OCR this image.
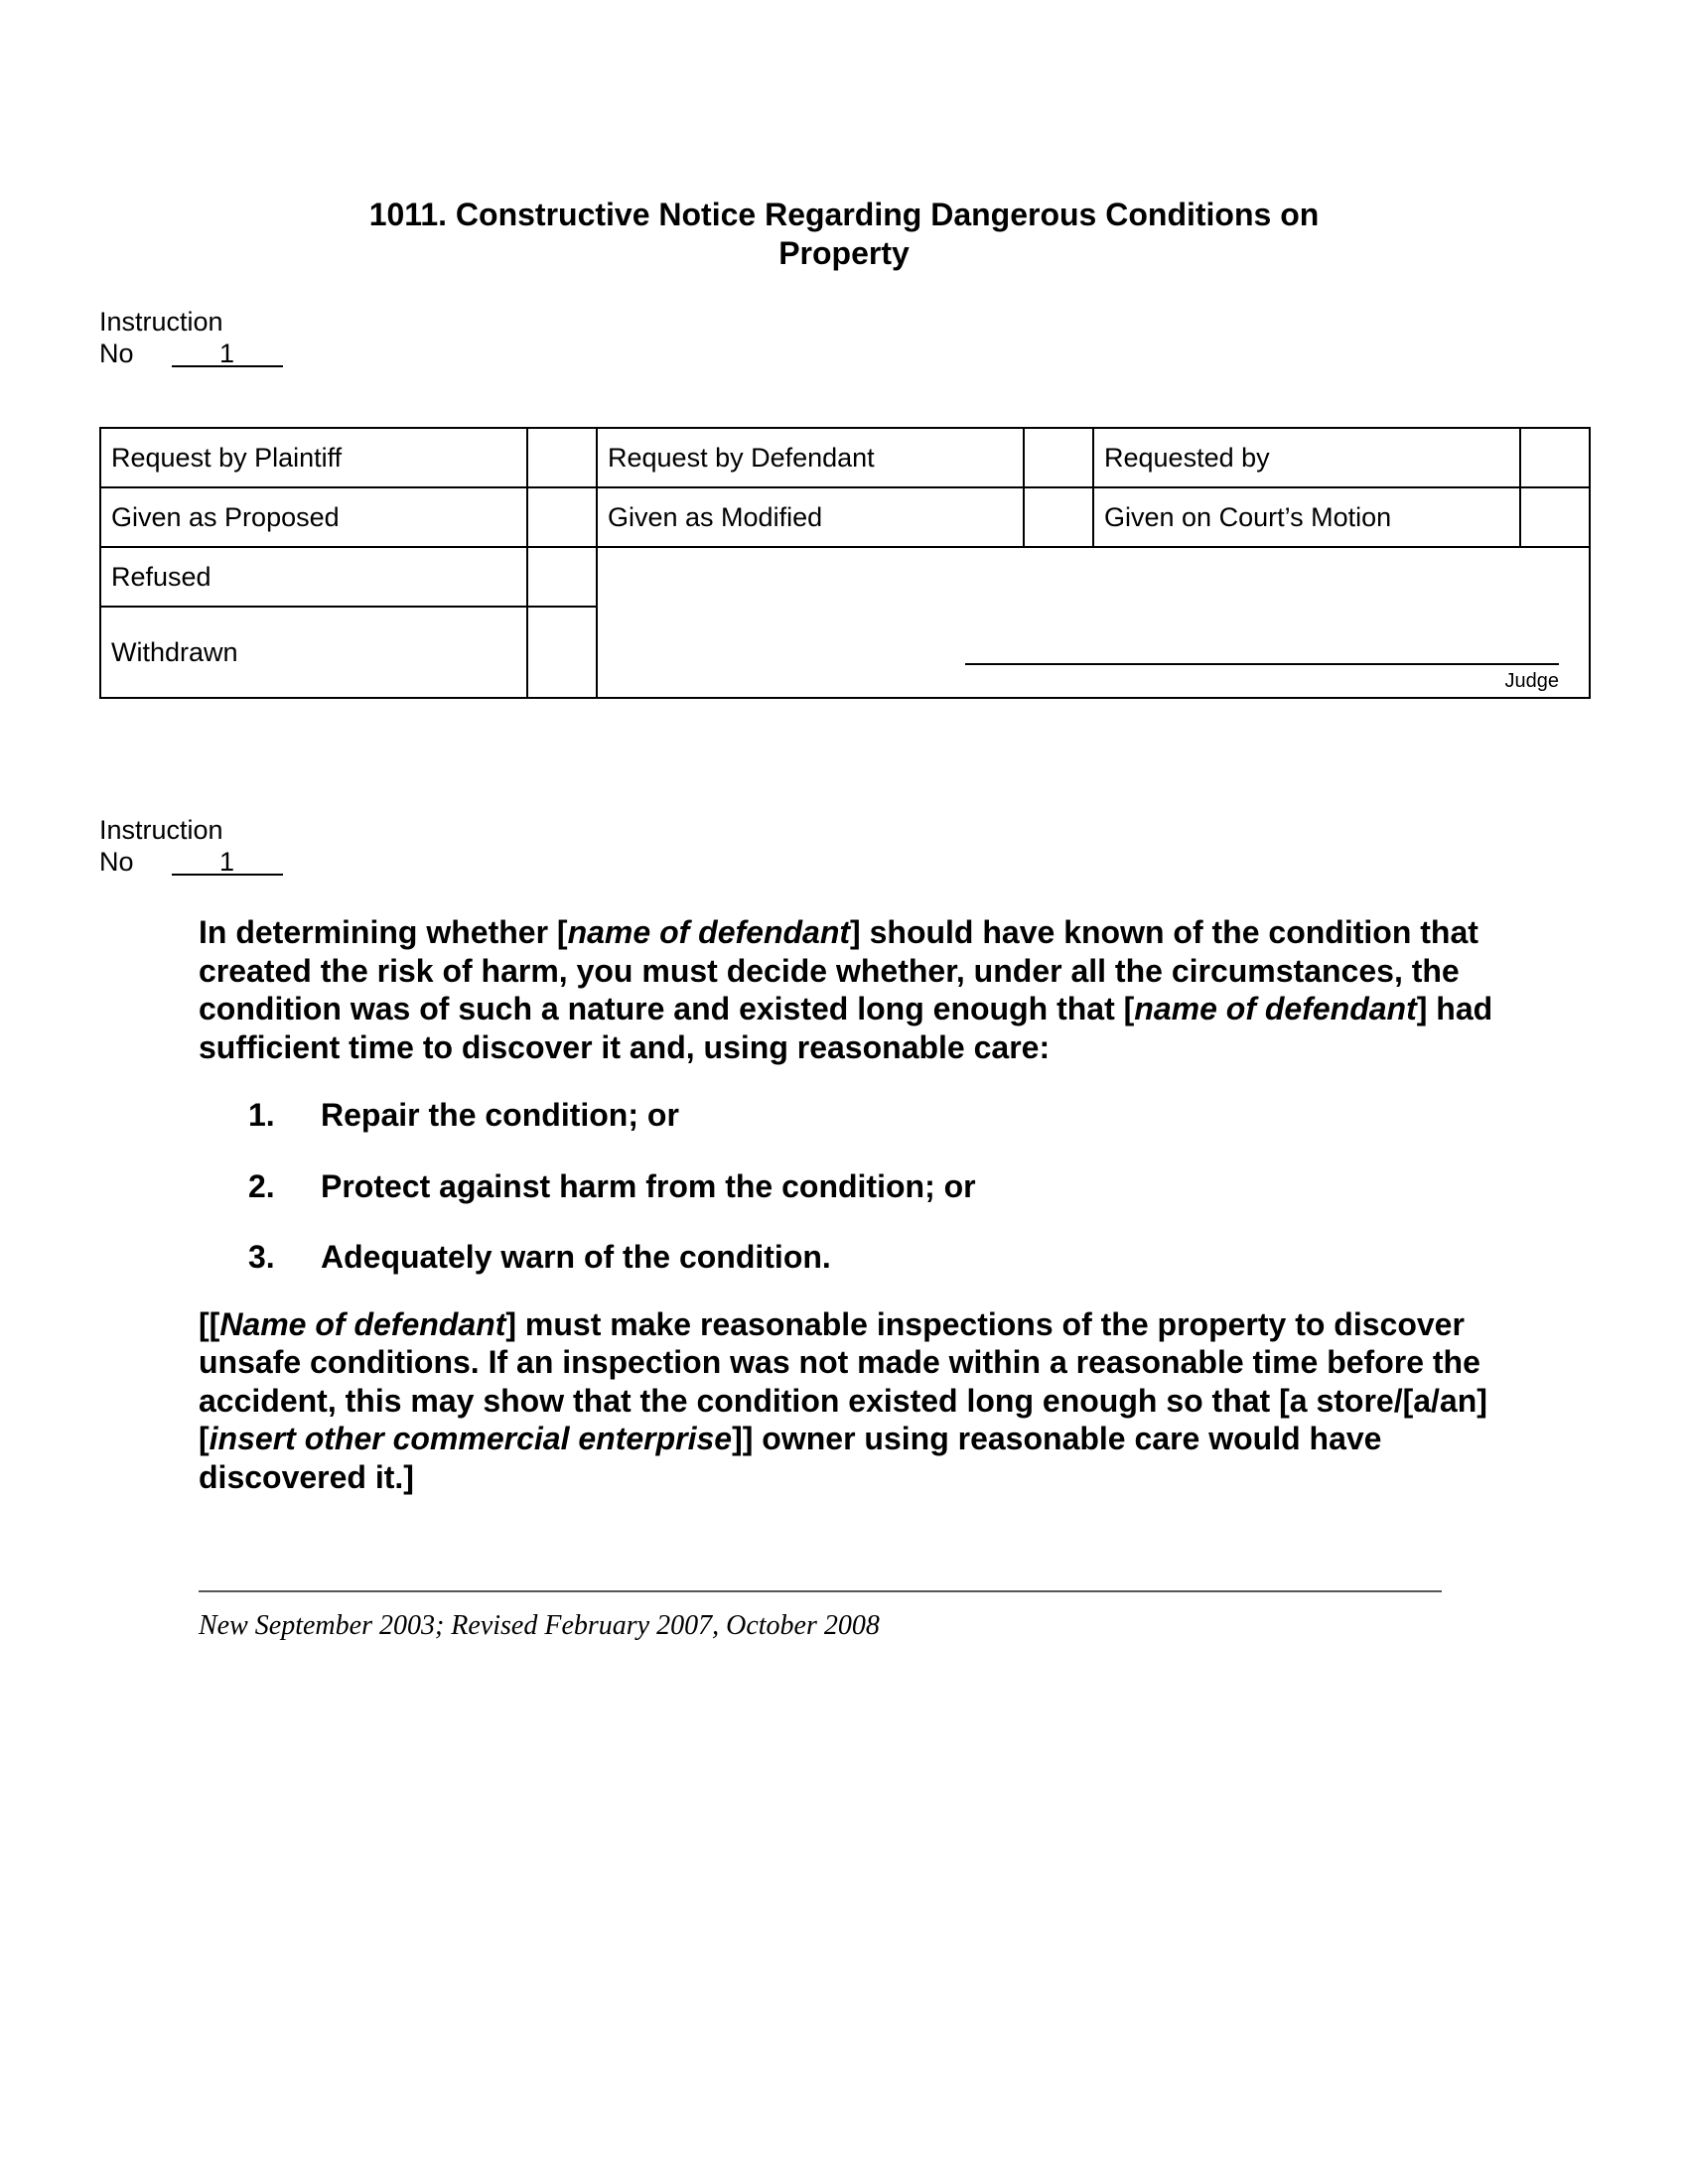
1011. Constructive Notice Regarding Dangerous Conditions on
Property
Instruction
No	1
Request by Plaintiff		Request by Defendant		Requested by	
Given as Proposed		Given as Modified		Given on Court’s Motion	
Refused		Judge			

Withdrawn					
Instruction
No	1

In determining whether [name of defendant] should have known of the condition that created the risk of harm, you must decide whether, under all the circumstances, the condition was of such a nature and existed long enough that [name of defendant] had sufficient time to discover it and, using reasonable care:

1.	Repair the condition; or
2.	Protect against harm from the condition; or
3.	Adequately warn of the condition.

[[Name of defendant] must make reasonable inspections of the property to discover unsafe conditions. If an inspection was not made within a reasonable time before the accident, this may show that the condition existed long enough so that [a store/[a/an] [insert other commercial enterprise]] owner using reasonable care would have discovered it.]

New September 2003; Revised February 2007, October 2008
